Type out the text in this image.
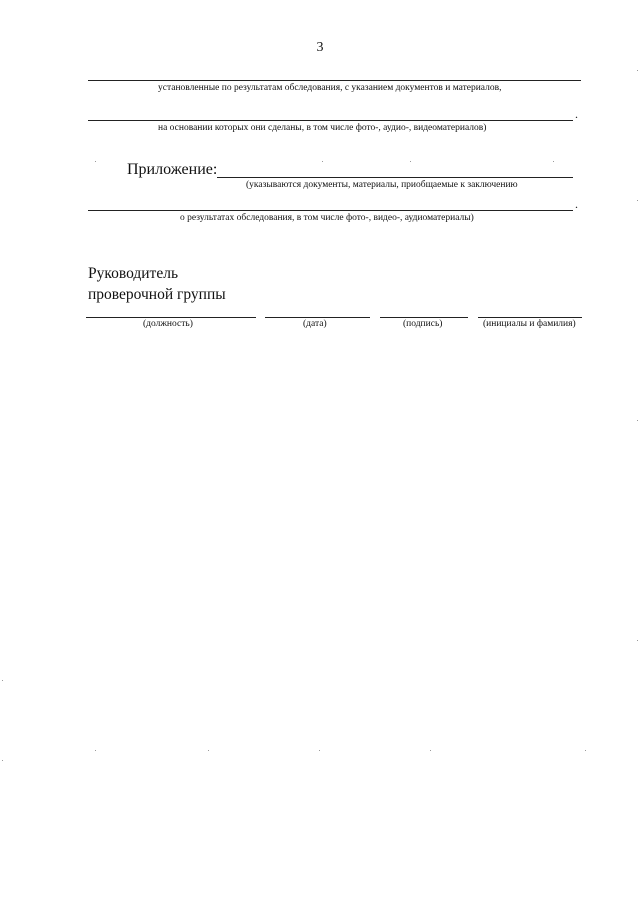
3
установленные по результатам обследования, с указанием документов и материалов,
.
на основании которых они сделаны, в том числе фото-, аудио-, видеоматериалов)
Приложение:
(указываются документы, материалы, приобщаемые к заключению
.
о результатах обследования, в том числе фото-, видео-, аудиоматериалы)
Руководитель
проверочной группы
(должность)	(дата)	(подпись)	(инициалы и фамилия)
